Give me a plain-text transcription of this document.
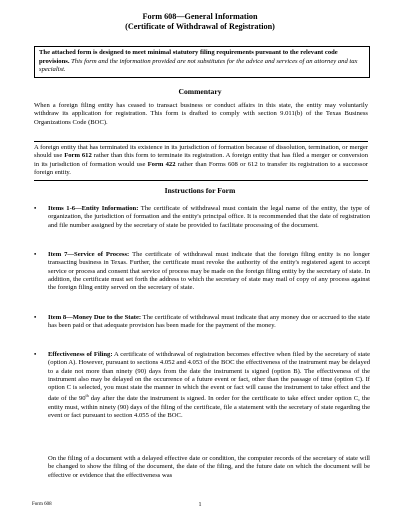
Form 608—General Information
(Certificate of Withdrawal of Registration)
The attached form is designed to meet minimal statutory filing requirements pursuant to the relevant code provisions. This form and the information provided are not substitutes for the advice and services of an attorney and tax specialist.
Commentary
When a foreign filing entity has ceased to transact business or conduct affairs in this state, the entity may voluntarily withdraw its application for registration. This form is drafted to comply with section 9.011(b) of the Texas Business Organizations Code (BOC).
A foreign entity that has terminated its existence in its jurisdiction of formation because of dissolution, termination, or merger should use Form 612 rather than this form to terminate its registration. A foreign entity that has filed a merger or conversion in its jurisdiction of formation would use Form 422 rather than Forms 608 or 612 to transfer its registration to a successor foreign entity.
Instructions for Form
• Items 1-6—Entity Information: The certificate of withdrawal must contain the legal name of the entity, the type of organization, the jurisdiction of formation and the entity's principal office. It is recommended that the date of registration and file number assigned by the secretary of state be provided to facilitate processing of the document.
• Item 7—Service of Process: The certificate of withdrawal must indicate that the foreign filing entity is no longer transacting business in Texas. Further, the certificate must revoke the authority of the entity's registered agent to accept service or process and consent that service of process may be made on the foreign filing entity by the secretary of state. In addition, the certificate must set forth the address to which the secretary of state may mail of copy of any process against the foreign filing entity served on the secretary of state.
• Item 8—Money Due to the State: The certificate of withdrawal must indicate that any money due or accrued to the state has been paid or that adequate provision has been made for the payment of the money.
• Effectiveness of Filing: A certificate of withdrawal of registration becomes effective when filed by the secretary of state (option A). However, pursuant to sections 4.052 and 4.053 of the BOC the effectiveness of the instrument may be delayed to a date not more than ninety (90) days from the date the instrument is signed (option B). The effectiveness of the instrument also may be delayed on the occurrence of a future event or fact, other than the passage of time (option C). If option C is selected, you must state the manner in which the event or fact will cause the instrument to take effect and the date of the 90th day after the date the instrument is signed. In order for the certificate to take effect under option C, the entity must, within ninety (90) days of the filing of the certificate, file a statement with the secretary of state regarding the event or fact pursuant to section 4.055 of the BOC.
On the filing of a document with a delayed effective date or condition, the computer records of the secretary of state will be changed to show the filing of the document, the date of the filing, and the future date on which the document will be effective or evidence that the effectiveness was
Form 608	1
